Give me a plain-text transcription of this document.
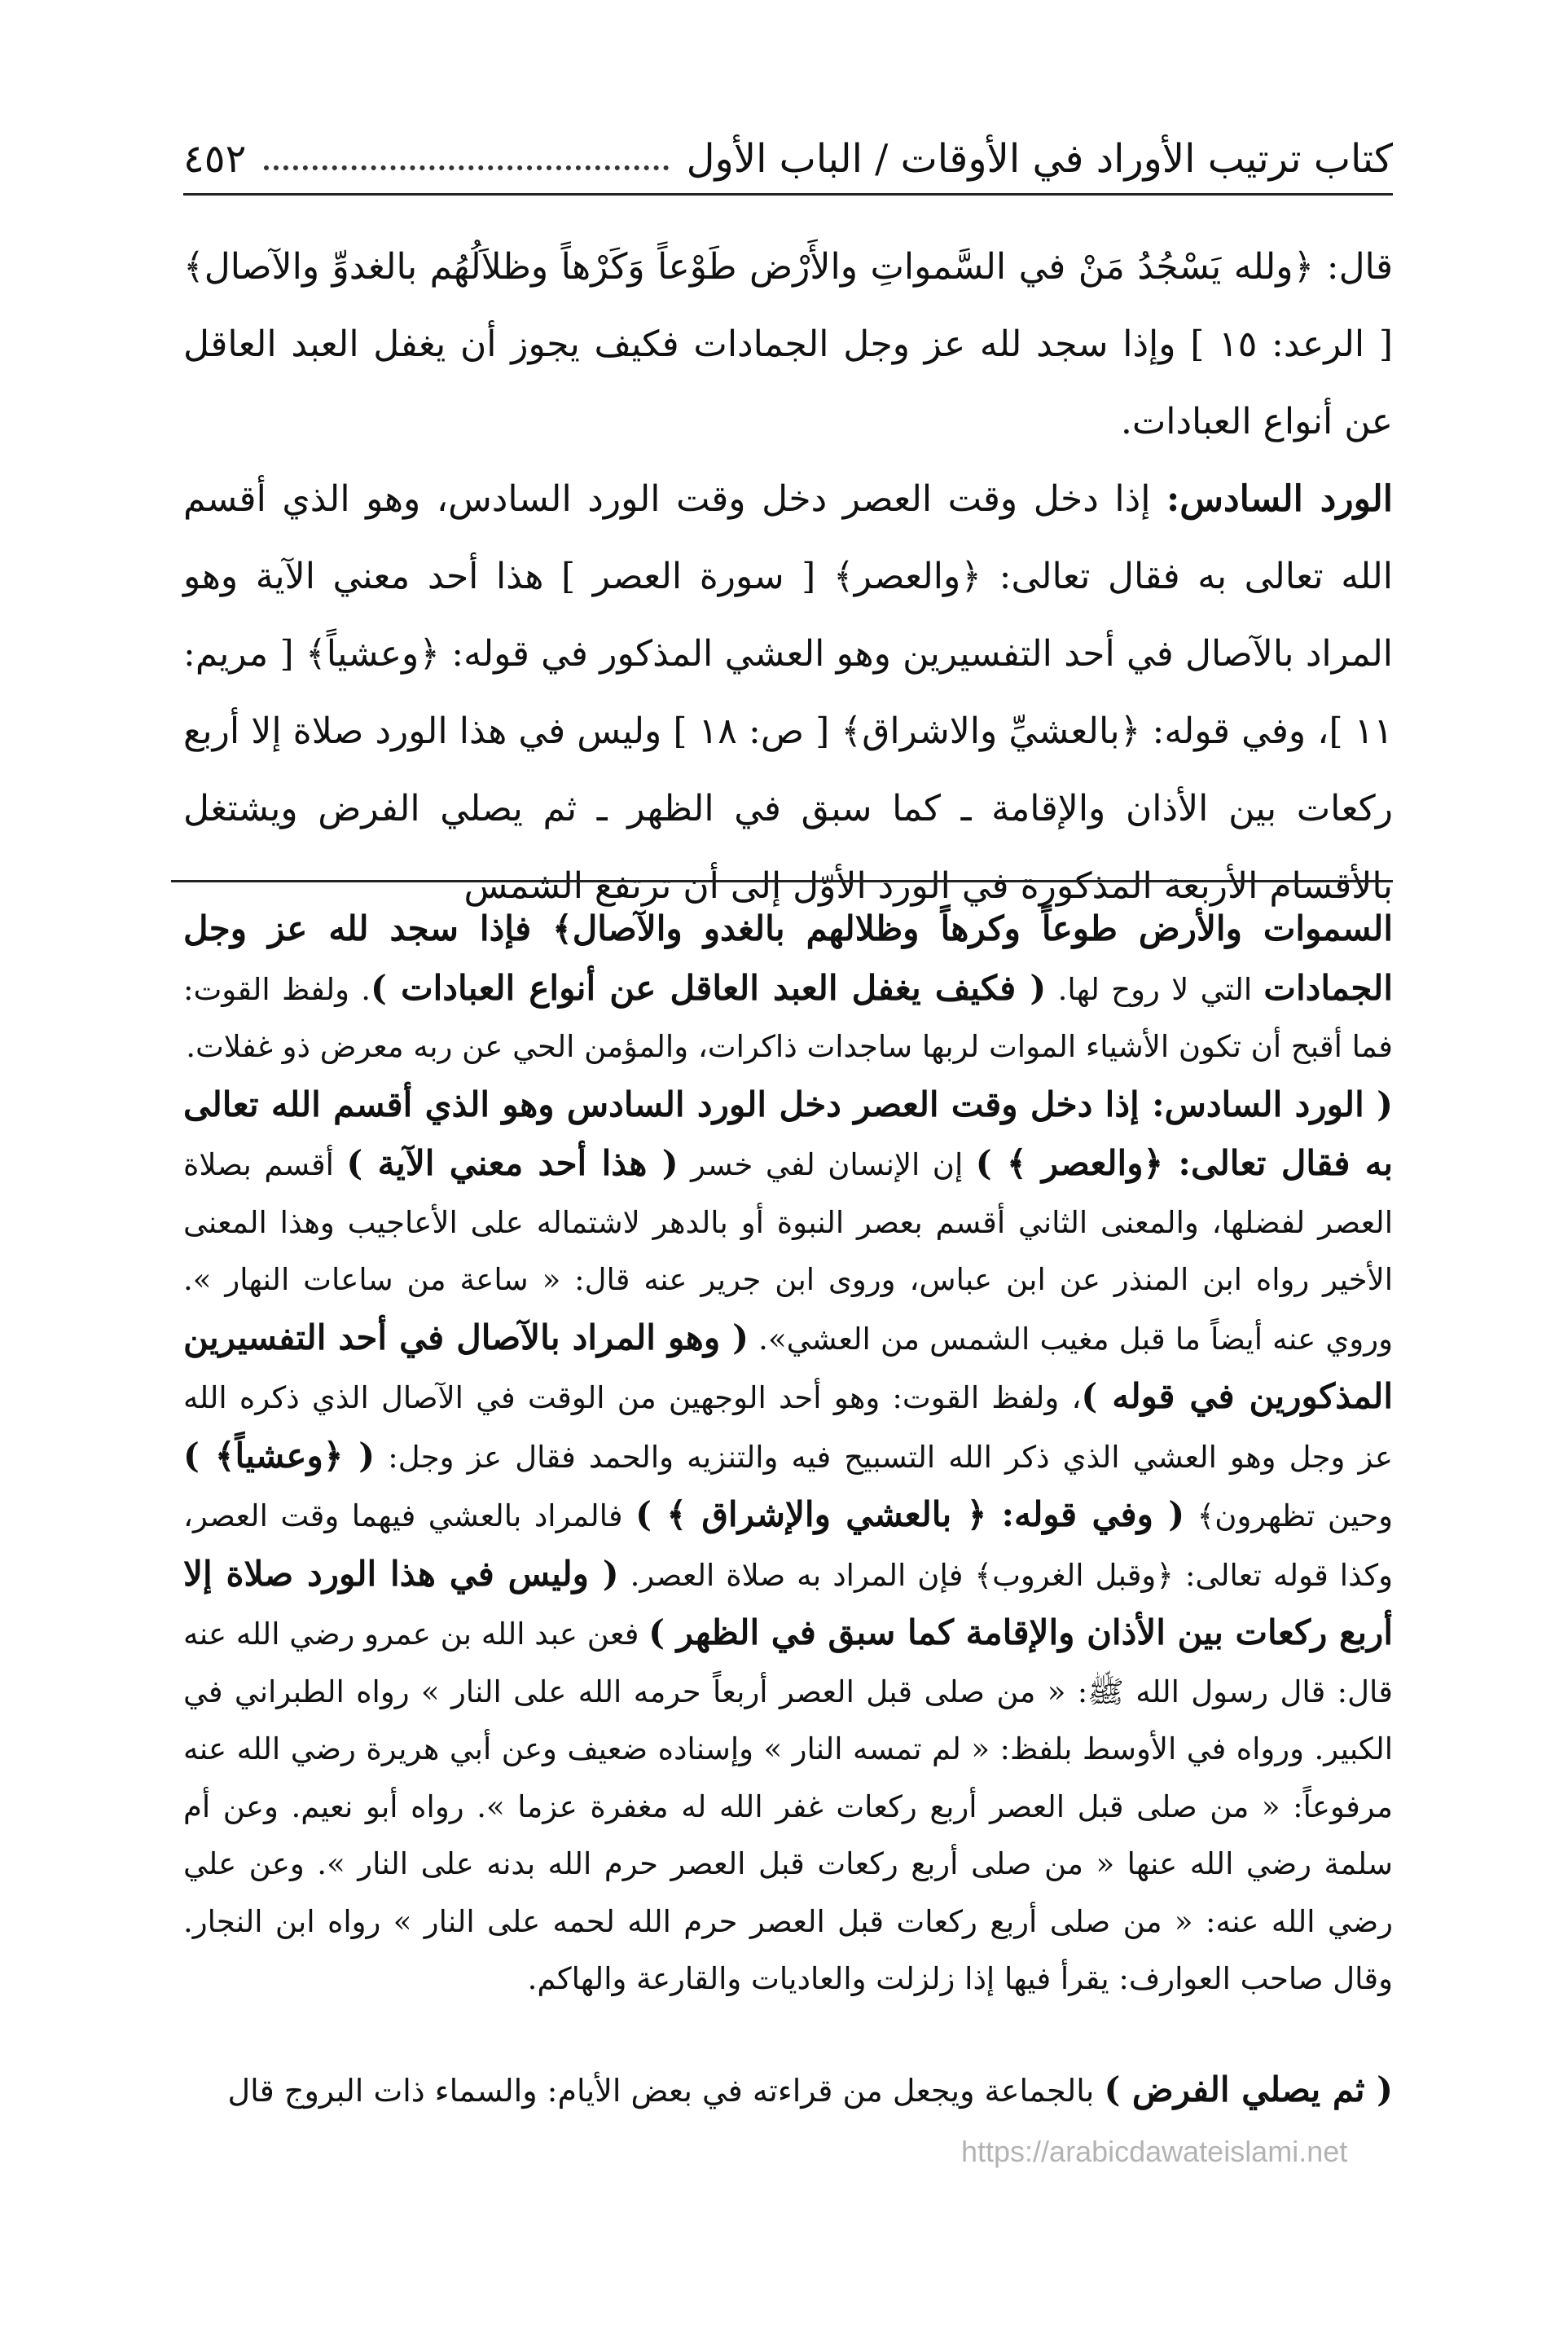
كتاب ترتيب الأوراد في الأوقات / الباب الأول
٤٥٢

قال: ﴿ولله يَسْجُدُ مَنْ في السَّمواتِ والأَرْض طَوْعاً وَكَرْهاً وظلاَلُهُم بالغدوِّ والآصال﴾ [ الرعد: ١٥ ] وإذا سجد لله عز وجل الجمادات فكيف يجوز أن يغفل العبد العاقل عن أنواع العبادات.

الورد السادس: إذا دخل وقت العصر دخل وقت الورد السادس، وهو الذي أقسم الله تعالى به فقال تعالى: ﴿والعصر﴾ [ سورة العصر ] هذا أحد معني الآية وهو المراد بالآصال في أحد التفسيرين وهو العشي المذكور في قوله: ﴿وعشياً﴾ [ مريم: ١١ ]، وفي قوله: ﴿بالعشيِّ والاشراق﴾ [ ص: ١٨ ] وليس في هذا الورد صلاة إلا أربع ركعات بين الأذان والإقامة ـ كما سبق في الظهر ـ ثم يصلي الفرض ويشتغل بالأقسام الأربعة المذكورة في الورد الأوّل إلى أن ترتفع الشمس

السموات والأرض طوعاً وكرهاً وظلالهم بالغدو والآصال﴾ فإذا سجد لله عز وجل الجمادات التي لا روح لها. ( فكيف يغفل العبد العاقل عن أنواع العبادات ). ولفظ القوت: فما أقبح أن تكون الأشياء الموات لربها ساجدات ذاكرات، والمؤمن الحي عن ربه معرض ذو غفلات.

( الورد السادس: إذا دخل وقت العصر دخل الورد السادس وهو الذي أقسم الله تعالى به فقال تعالى: ﴿والعصر ﴾ ) إن الإنسان لفي خسر ( هذا أحد معني الآية ) أقسم بصلاة العصر لفضلها، والمعنى الثاني أقسم بعصر النبوة أو بالدهر لاشتماله على الأعاجيب وهذا المعنى الأخير رواه ابن المنذر عن ابن عباس، وروى ابن جرير عنه قال: « ساعة من ساعات النهار ». وروي عنه أيضاً ما قبل مغيب الشمس من العشي». ( وهو المراد بالآصال في أحد التفسيرين المذكورين في قوله )، ولفظ القوت: وهو أحد الوجهين من الوقت في الآصال الذي ذكره الله عز وجل وهو العشي الذي ذكر الله التسبيح فيه والتنزيه والحمد فقال عز وجل: ( ﴿وعشياً﴾ ) وحين تظهرون﴾ ( وفي قوله: ﴿ بالعشي والإشراق ﴾ ) فالمراد بالعشي فيهما وقت العصر، وكذا قوله تعالى: ﴿وقبل الغروب﴾ فإن المراد به صلاة العصر. ( وليس في هذا الورد صلاة إلا أربع ركعات بين الأذان والإقامة كما سبق في الظهر ) فعن عبد الله بن عمرو رضي الله عنه قال: قال رسول الله ﷺ: « من صلى قبل العصر أربعاً حرمه الله على النار » رواه الطبراني في الكبير. ورواه في الأوسط بلفظ: « لم تمسه النار » وإسناده ضعيف وعن أبي هريرة رضي الله عنه مرفوعاً: « من صلى قبل العصر أربع ركعات غفر الله له مغفرة عزما ». رواه أبو نعيم. وعن أم سلمة رضي الله عنها « من صلى أربع ركعات قبل العصر حرم الله بدنه على النار ». وعن علي رضي الله عنه: « من صلى أربع ركعات قبل العصر حرم الله لحمه على النار » رواه ابن النجار. وقال صاحب العوارف: يقرأ فيها إذا زلزلت والعاديات والقارعة والهاكم.

( ثم يصلي الفرض ) بالجماعة ويجعل من قراءته في بعض الأيام: والسماء ذات البروج قال
https://arabicdawateislami.net
